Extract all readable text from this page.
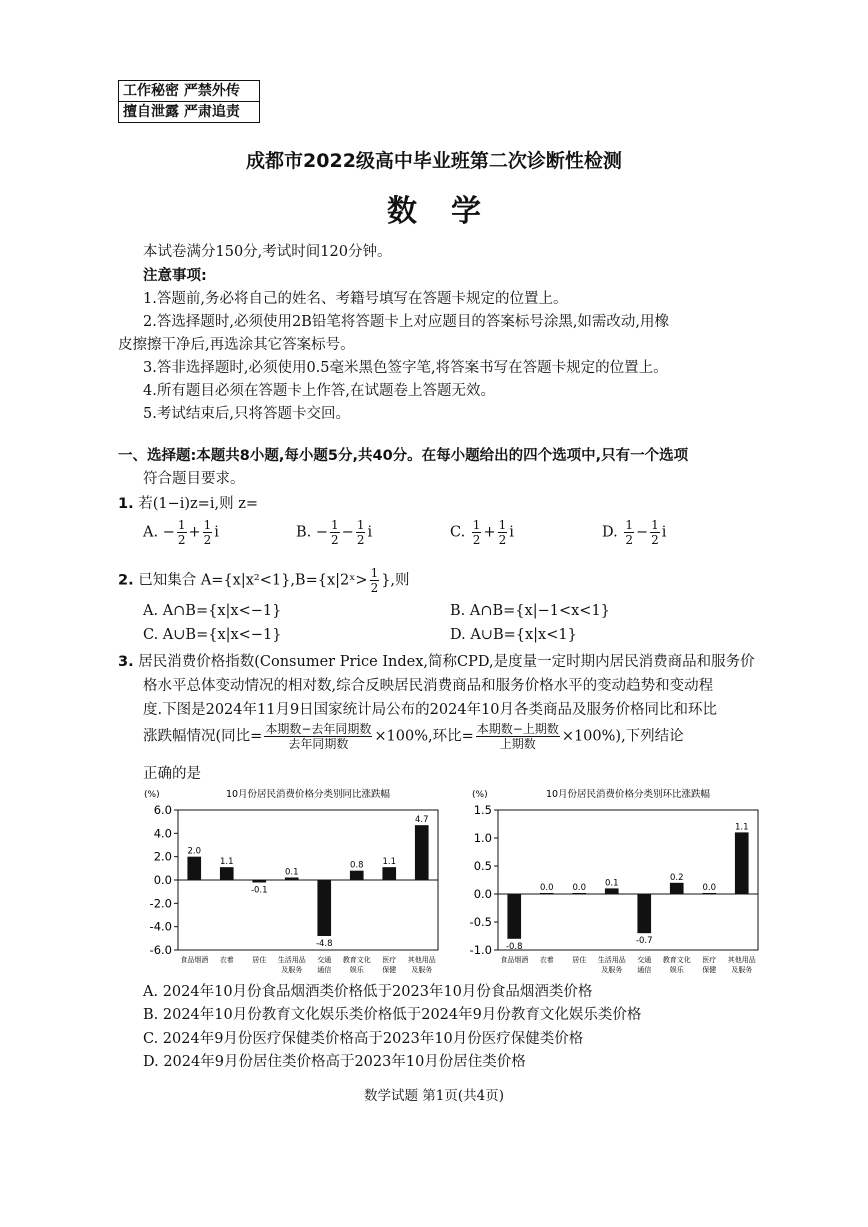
工作秘密 严禁外传
擅自泄露 严肃追责
成都市2022级高中毕业班第二次诊断性检测
数学
本试卷满分150分,考试时间120分钟。
注意事项:
1.答题前,务必将自己的姓名、考籍号填写在答题卡规定的位置上。
2.答选择题时,必须使用2B铅笔将答题卡上对应题目的答案标号涂黑,如需改动,用橡
皮擦擦干净后,再选涂其它答案标号。
3.答非选择题时,必须使用0.5毫米黑色签字笔,将答案书写在答题卡规定的位置上。
4.所有题目必须在答题卡上作答,在试题卷上答题无效。
5.考试结束后,只将答题卡交回。
一、选择题:本题共8小题,每小题5分,共40分。在每小题给出的四个选项中,只有一个选项
符合题目要求。
1. 若(1−i)z=i,则 z=
A. − $\frac{1}{2} + \frac{1}{2}$ i	B. − $\frac{1}{2} - \frac{1}{2}$ i	C. $\frac{1}{2} + \frac{1}{2}$ i	D. $\frac{1}{2} - \frac{1}{2}$ i
2. 已知集合 A={x|x²<1},B={x|2ˣ> $\frac{1}{2}$ },则
A. A∩B={x|x<−1}	B. A∩B={x|−1<x<1}
C. A∪B={x|x<−1}	D. A∪B={x|x<1}
3. 居民消费价格指数(Consumer Price Index,简称CPD,是度量一定时期内居民消费商品和服务价
格水平总体变动情况的相对数,综合反映居民消费商品和服务价格水平的变动趋势和变动程
度.下图是2024年11月9日国家统计局公布的2024年10月各类商品及服务价格同比和环比
涨跌幅情况(同比= $\frac{\text{本期数−去年同期数}}{\text{去年同期数}} \times 100\%$,环比= $\frac{\text{本期数−上期数}}{\text{上期数}} \times 100\%$),下列结论
正确的是
(%)	10月份居民消费价格分类别同比涨跌幅
6.0
4.0
2.0
0.0
-2.0
-4.0
-6.0
2.0
食品烟酒
1.1
衣着
-0.1
居住
0.1
生活用品
及服务
-4.8
交通
通信
0.8
教育文化
娱乐
1.1
医疗
保健
4.7
其他用品
及服务
(%)	10月份居民消费价格分类别环比涨跌幅
1.5
1.0
0.5
0.0
-0.5
-1.0 -0.8
食品烟酒
0.0
衣着
0.0
居住
0.1
生活用品
及服务
-0.7
交通
通信
0.2
教育文化
娱乐
0.0
医疗
保健
1.1
其他用品
及服务
A. 2024年10月份食品烟酒类价格低于2023年10月份食品烟酒类价格
B. 2024年10月份教育文化娱乐类价格低于2024年9月份教育文化娱乐类价格
C. 2024年9月份医疗保健类价格高于2023年10月份医疗保健类价格
D. 2024年9月份居住类价格高于2023年10月份居住类价格
数学试题 第1页(共4页)
